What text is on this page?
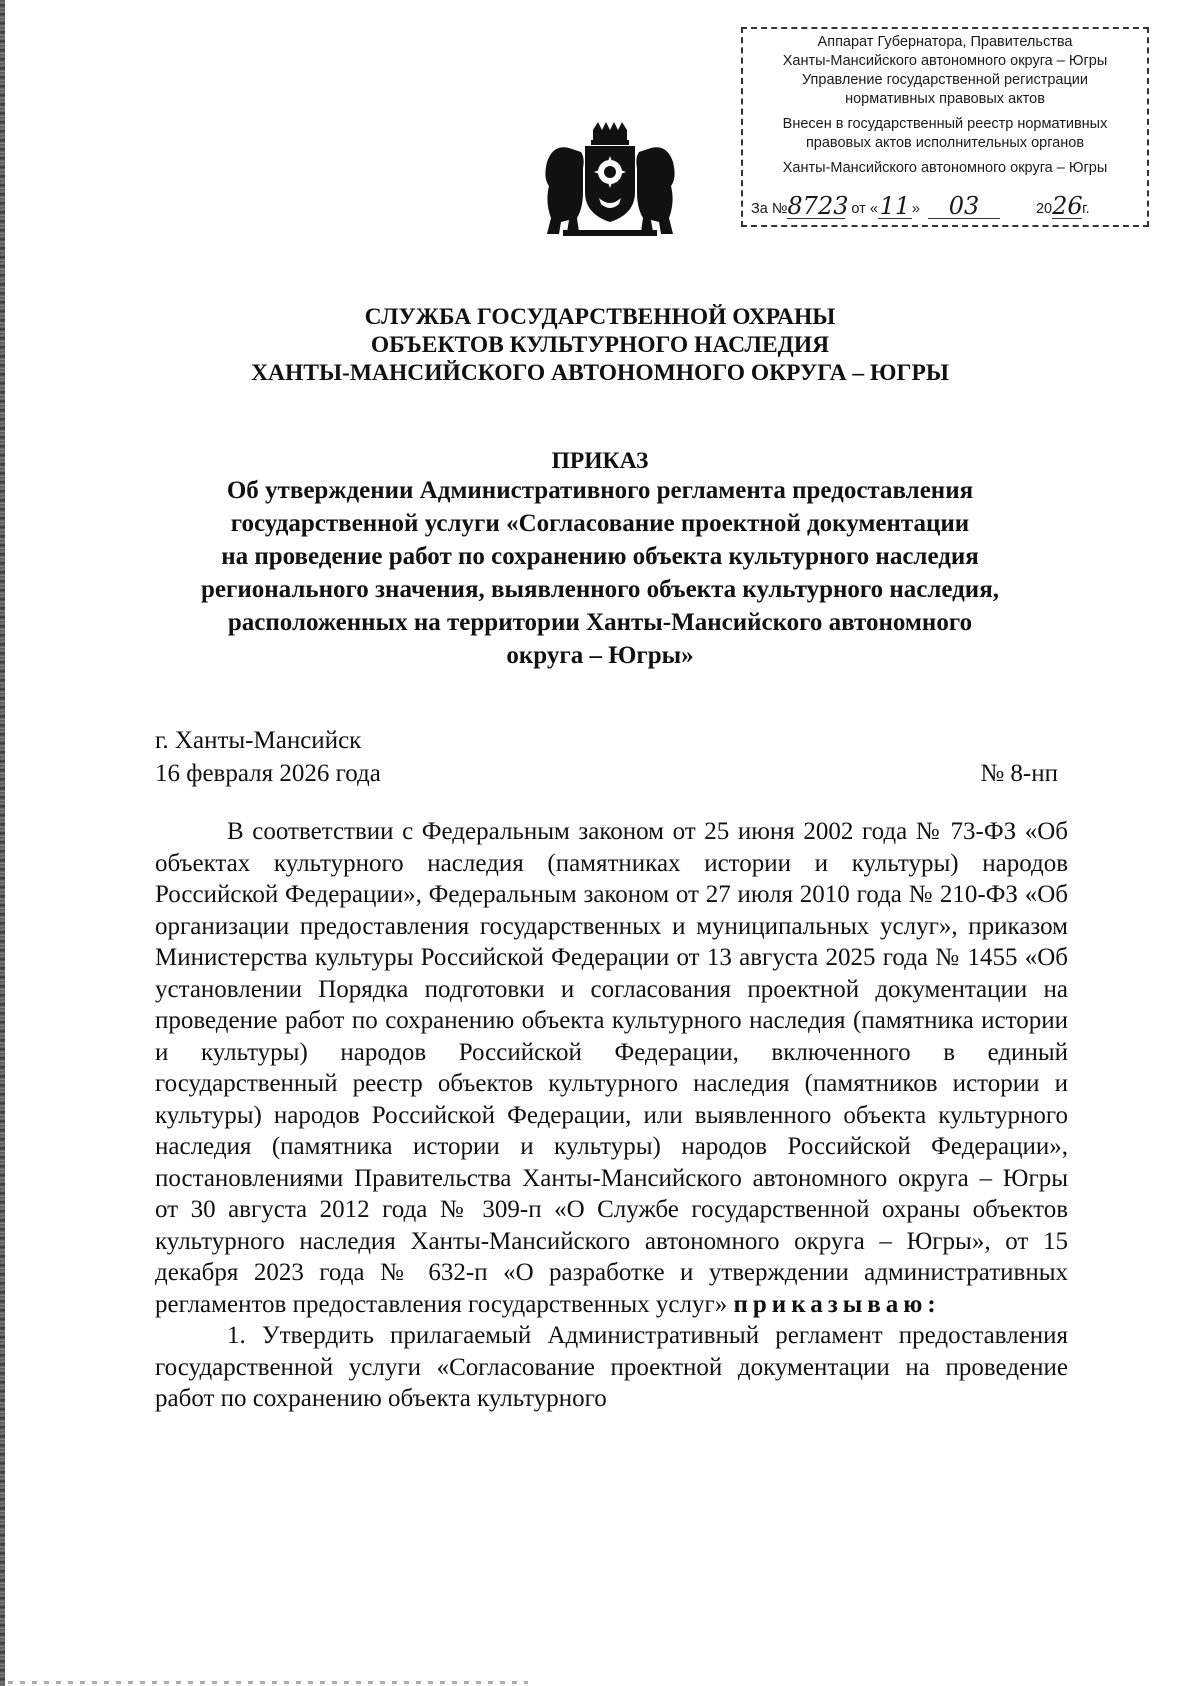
Аппарат Губернатора, Правительства
Ханты-Мансийского автономного округа – Югры
Управление государственной регистрации
нормативных правовых актов
Внесен в государственный реестр нормативных
правовых актов исполнительных органов
Ханты-Мансийского автономного округа – Югры
За № 8723 от « 11 »	03	20 26 г.
СЛУЖБА ГОСУДАРСТВЕННОЙ ОХРАНЫ
ОБЪЕКТОВ КУЛЬТУРНОГО НАСЛЕДИЯ
ХАНТЫ-МАНСИЙСКОГО АВТОНОМНОГО ОКРУГА – ЮГРЫ
ПРИКАЗ
Об утверждении Административного регламента предоставления
государственной услуги «Согласование проектной документации
на проведение работ по сохранению объекта культурного наследия
регионального значения, выявленного объекта культурного наследия,
расположенных на территории Ханты-Мансийского автономного
округа – Югры»
г. Ханты-Мансийск
16 февраля 2026 года	№ 8-нп

В соответствии с Федеральным законом от 25 июня 2002 года № 73-ФЗ «Об объектах культурного наследия (памятниках истории и культуры) народов Российской Федерации», Федеральным законом от 27 июля 2010 года № 210-ФЗ «Об организации предоставления государственных и муниципальных услуг», приказом Министерства культуры Российской Федерации от 13 августа 2025 года № 1455 «Об установлении Порядка подготовки и согласования проектной документации на проведение работ по сохранению объекта культурного наследия (памятника истории и культуры) народов Российской Федерации, включенного в единый государственный реестр объектов культурного наследия (памятников истории и культуры) народов Российской Федерации, или выявленного объекта культурного наследия (памятника истории и культуры) народов Российской Федерации», постановлениями Правительства Ханты-Мансийского автономного округа – Югры от 30 августа 2012 года № 309-п «О Службе государственной охраны объектов культурного наследия Ханты-Мансийского автономного округа – Югры», от 15 декабря 2023 года № 632-п «О разработке и утверждении административных регламентов предоставления государственных услуг» приказываю:

1. Утвердить прилагаемый Административный регламент предоставления государственной услуги «Согласование проектной документации на проведение работ по сохранению объекта культурного
